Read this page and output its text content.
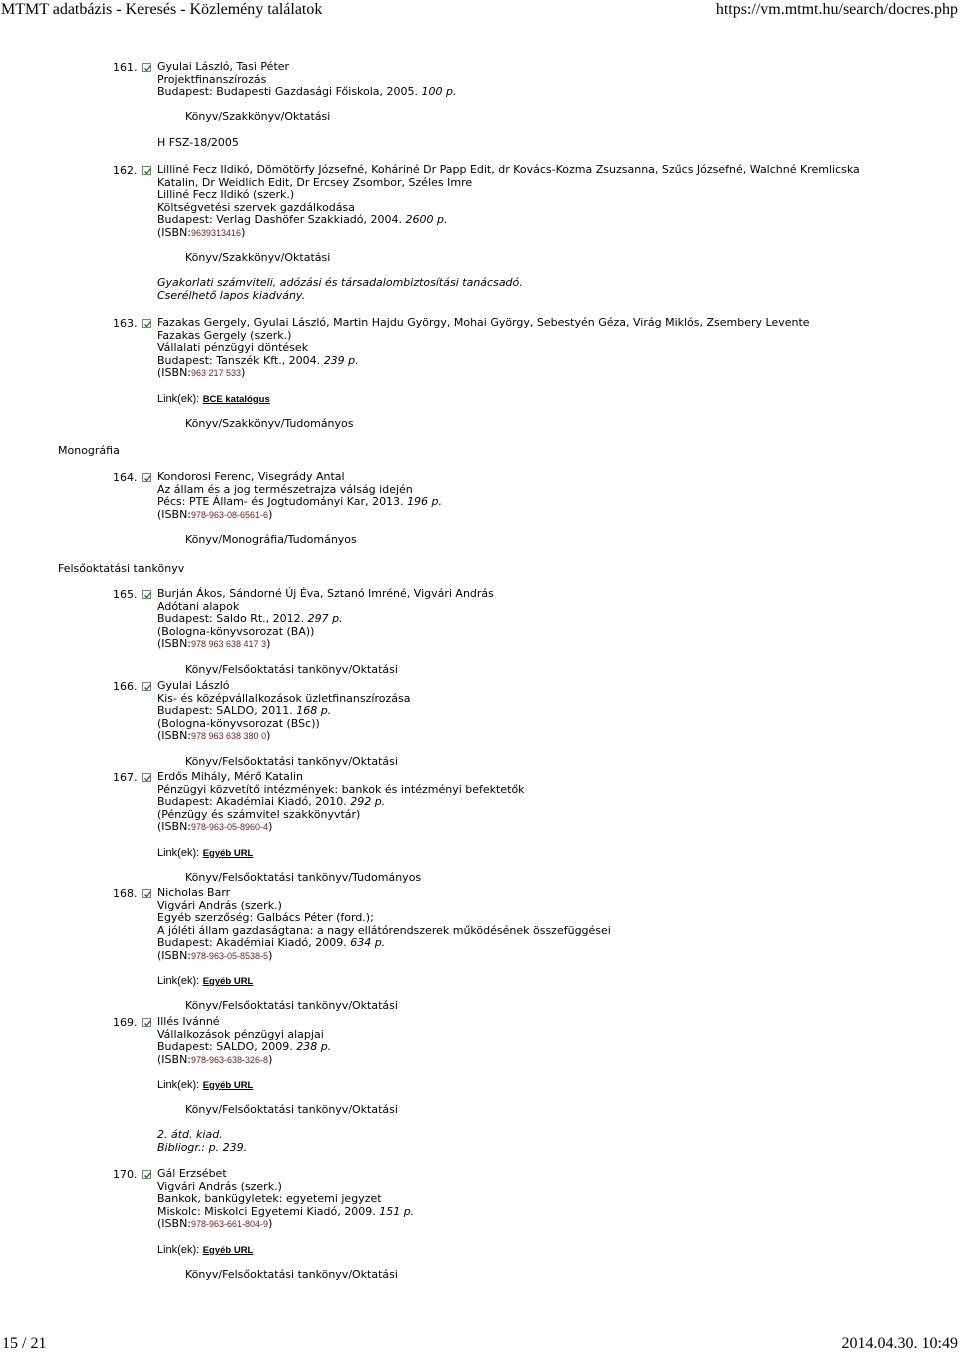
MTMT adatbázis - Keresés - Közlemény találatok	https://vm.mtmt.hu/search/docres.php
161. Gyulai László, Tasi Péter
Projektfinanszírozás
Budapest: Budapesti Gazdasági Főiskola, 2005. 100 p.
Könyv/Szakkönyv/Oktatási
H FSZ-18/2005
162. Lilliné Fecz Ildikó, Dömötörfy Józsefné, Koháriné Dr Papp Edit, dr Kovács-Kozma Zsuzsanna, Szűcs Józsefné, Walchné Kremlicska
Katalin, Dr Weidlich Edit, Dr Ercsey Zsombor, Széles Imre
Lilliné Fecz Ildikó (szerk.)
Költségvetési szervek gazdálkodása
Budapest: Verlag Dashöfer Szakkiadó, 2004. 2600 p.
(ISBN:9639313416)
Könyv/Szakkönyv/Oktatási
Gyakorlati számviteli, adózási és társadalombiztosítási tanácsadó.
Cserélhető lapos kiadvány.
163. Fazakas Gergely, Gyulai László, Martin Hajdu György, Mohai György, Sebestyén Géza, Virág Miklós, Zsembery Levente
Fazakas Gergely (szerk.)
Vállalati pénzügyi döntések
Budapest: Tanszék Kft., 2004. 239 p.
(ISBN:963 217 533)
Link(ek): BCE katalógus
Könyv/Szakkönyv/Tudományos
Monográfia
164. Kondorosi Ferenc, Visegrády Antal
Az állam és a jog természetrajza válság idején
Pécs: PTE Állam- és Jogtudományi Kar, 2013. 196 p.
(ISBN:978-963-08-6561-6)
Könyv/Monográfia/Tudományos
Felsőoktatási tankönyv
165. Burján Ákos, Sándorné Új Éva, Sztanó Imréné, Vigvári András
Adótani alapok
Budapest: Saldo Rt., 2012. 297 p.
(Bologna-könyvsorozat (BA))
(ISBN:978 963 638 417 3)
Könyv/Felsőoktatási tankönyv/Oktatási
166. Gyulai László
Kis- és középvállalkozások üzletfinanszírozása
Budapest: SALDO, 2011. 168 p.
(Bologna-könyvsorozat (BSc))
(ISBN:978 963 638 380 0)
Könyv/Felsőoktatási tankönyv/Oktatási
167. Erdős Mihály, Mérő Katalin
Pénzügyi közvetítő intézmények: bankok és intézményi befektetők
Budapest: Akadémiai Kiadó, 2010. 292 p.
(Pénzügy és számvitel szakkönyvtár)
(ISBN:978-963-05-8960-4)
Link(ek): Egyéb URL
Könyv/Felsőoktatási tankönyv/Tudományos
168. Nicholas Barr
Vigvári András (szerk.)
Egyéb szerzőség: Galbács Péter (ford.);
A jóléti állam gazdaságtana: a nagy ellátórendszerek működésének összefüggései
Budapest: Akadémiai Kiadó, 2009. 634 p.
(ISBN:978-963-05-8538-5)
Link(ek): Egyéb URL
Könyv/Felsőoktatási tankönyv/Oktatási
169. Illés Ivánné
Vállalkozások pénzügyi alapjai
Budapest: SALDO, 2009. 238 p.
(ISBN:978-963-638-326-8)
Link(ek): Egyéb URL
Könyv/Felsőoktatási tankönyv/Oktatási
2. átd. kiad.
Bibliogr.: p. 239.
170. Gál Erzsébet
Vigvári András (szerk.)
Bankok, bankügyletek: egyetemi jegyzet
Miskolc: Miskolci Egyetemi Kiadó, 2009. 151 p.
(ISBN:978-963-661-804-9)
Link(ek): Egyéb URL
Könyv/Felsőoktatási tankönyv/Oktatási
15 / 21	2014.04.30. 10:49
